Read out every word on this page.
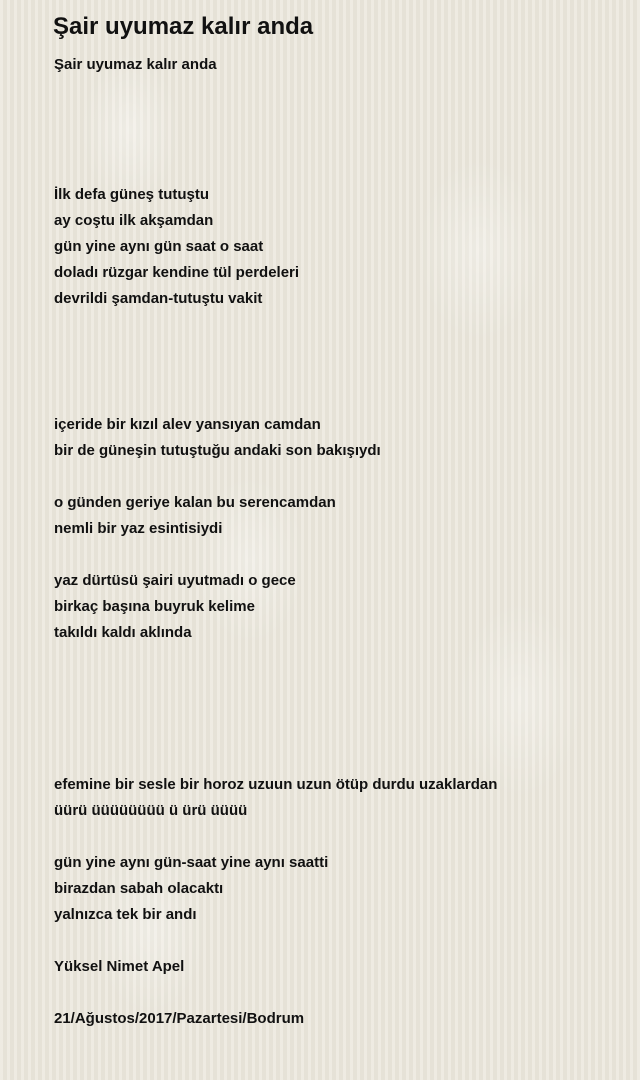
Şair uyumaz kalır anda
Şair uyumaz kalır anda
İlk defa güneş tutuştu
ay coştu ilk akşamdan
gün yine aynı gün saat o saat
doladı rüzgar kendine tül perdeleri
devrildi şamdan-tutuştu vakit
içeride bir kızıl alev yansıyan camdan
bir de güneşin tutuştuğu andaki son bakışıydı
o günden geriye kalan bu serencamdan
nemli bir yaz esintisiydi
yaz dürtüsü şairi uyutmadı o gece
birkaç başına buyruk kelime
takıldı kaldı aklında
efemine bir sesle bir horoz uzuun uzun ötüp durdu uzaklardan
üürü üüüüüüüü ü ürü üüüü
gün yine aynı gün-saat yine aynı saatti
birazdan sabah olacaktı
yalnızca tek bir andı
Yüksel Nimet Apel
21/Ağustos/2017/Pazartesi/Bodrum
